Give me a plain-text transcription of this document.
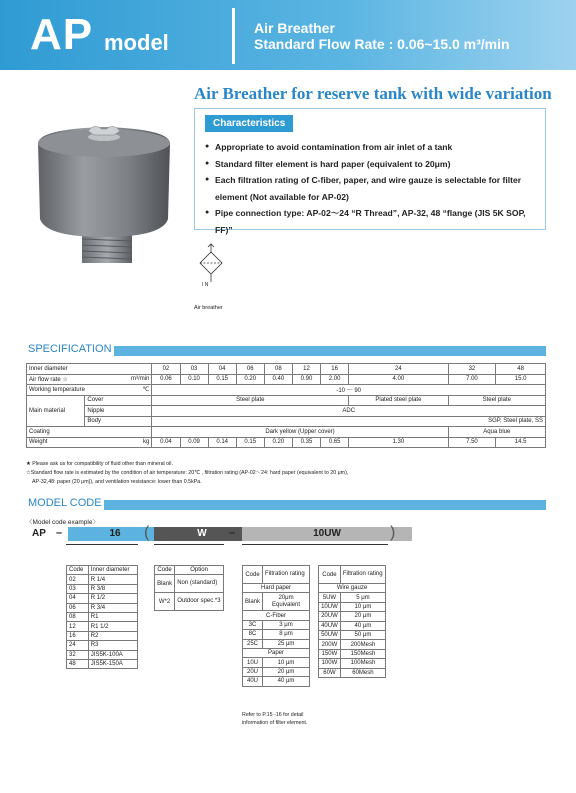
AP model
Air Breather
Standard Flow Rate : 0.06~15.0 m³/min
Air Breather for reserve tank with wide variation
Characteristics
● Appropriate to avoid contamination from air inlet of a tank
● Standard filter element is hard paper (equivalent to 20μm)
● Each filtration rating of C-fiber, paper, and wire gauze is selectable for filter element (Not available for AP-02)
● Pipe connection type: AP-02～24 “R Thread”, AP-32, 48 “flange (JIS 5K SOP, FF)”
I N
Air breather
SPECIFICATION
Inner diameter			02	03	04	06	08	12	16	24	32	48
Air flow rate ☆		m³/min	0.06	0.10	0.15	0.20	0.40	0.90	2.00	4.00	7.00	15.0
Working temperature		℃	-10 ～ 90									
Main material	Cover		Steel plate							Plated steel plate	Steel plate	
	Nipple		ADC									
	Body		SGP, Steel plate, SS									
Coating			Dark yellow (Upper cover)								Aqua blue	
Weight		kg	0.04	0.09	0.14	0.15	0.20	0.35	0.65	1.30	7.50	14.5
★ Please ask us for compatibility of fluid other than mineral oil.
☆Standard flow rate is estimated by the condition of air temperature: 20℃ , filtration rating (AP-02～24: hard paper (equivalent to 20 μm),
AP-32,48: paper (20 μm)), and ventilation resistance: lower than 0.5kPa.
MODEL CODE
〈Model code example〉
AP –	16	(	W	–	10UW	)
Code	Inner diameter
02	R 1/4
03	R 3/8
04	R 1/2
06	R 3/4
08	R1
12	R1 1/2
16	R2
24	R3
32	JIS5K-100A
48	JIS5K-150A
Code	Option
Blank	Non (standard)
W*2	Outdoor spec.*3
Code	Filtration rating
Hard paper	
Blank	20μm Equivalent
C-Fiber	
3C	3 μm
8C	8 μm
25C	25 μm
Paper	
10U	10 μm
20U	20 μm
40U	40 μm
Code	Filtration rating
Wire gauze	
5UW	5 μm
10UW	10 μm
20UW	20 μm
40UW	40 μm
50UW	50 μm
200W	200Mesh
150W	150Mesh
100W	100Mesh
60W	60Mesh
Refer to P.15 -16 for detail information of filter element.
